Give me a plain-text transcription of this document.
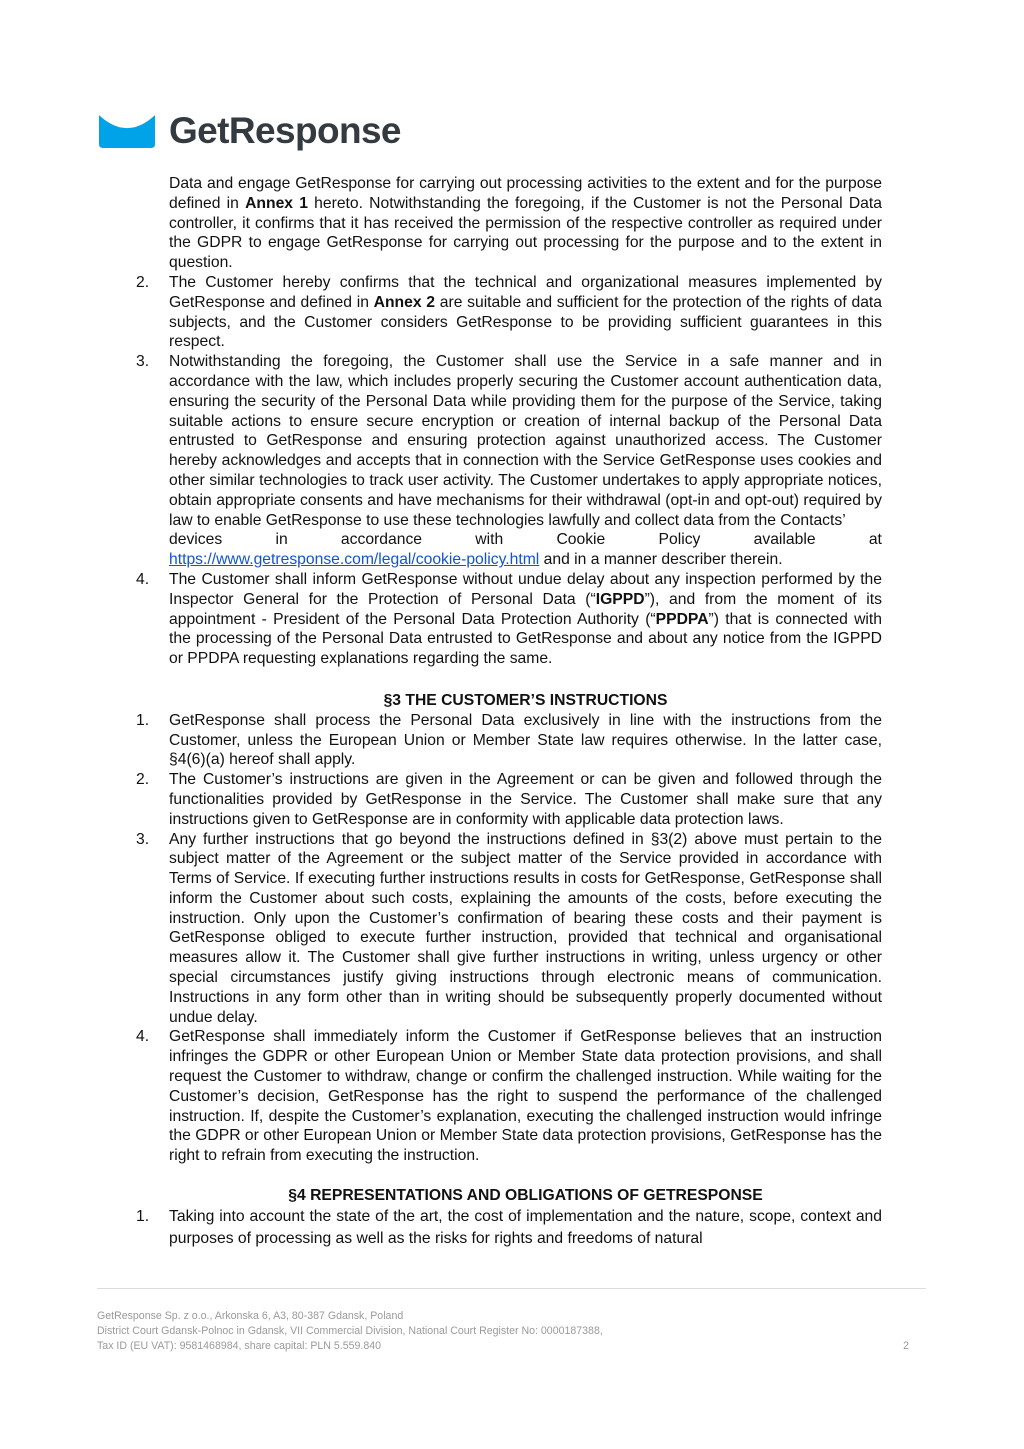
GetResponse

Data and engage GetResponse for carrying out processing activities to the extent and for the purpose defined in Annex 1 hereto. Notwithstanding the foregoing, if the Customer is not the Personal Data controller, it confirms that it has received the permission of the respective controller as required under the GDPR to engage GetResponse for carrying out processing for the purpose and to the extent in question.

2. The Customer hereby confirms that the technical and organizational measures implemented by GetResponse and defined in Annex 2 are suitable and sufficient for the protection of the rights of data subjects, and the Customer considers GetResponse to be providing sufficient guarantees in this respect.
3. Notwithstanding the foregoing, the Customer shall use the Service in a safe manner and in accordance with the law, which includes properly securing the Customer account authentication data, ensuring the security of the Personal Data while providing them for the purpose of the Service, taking suitable actions to ensure secure encryption or creation of internal backup of the Personal Data entrusted to GetResponse and ensuring protection against unauthorized access. The Customer hereby acknowledges and accepts that in connection with the Service GetResponse uses cookies and other similar technologies to track user activity. The Customer undertakes to apply appropriate notices, obtain appropriate consents and have mechanisms for their withdrawal (opt-in and opt-out) required by law to enable GetResponse to use these technologies lawfully and collect data from the Contacts’
devices	in	accordance	with	Cookie	Policy	available	at
https://www.getresponse.com/legal/cookie-policy.html and in a manner describer therein.
4. The Customer shall inform GetResponse without undue delay about any inspection performed by the Inspector General for the Protection of Personal Data (“IGPPD”), and from the moment of its appointment - President of the Personal Data Protection Authority (“PPDPA”) that is connected with the processing of the Personal Data entrusted to GetResponse and about any notice from the IGPPD or PPDPA requesting explanations regarding the same.

§3 THE CUSTOMER’S INSTRUCTIONS

1. GetResponse shall process the Personal Data exclusively in line with the instructions from the Customer, unless the European Union or Member State law requires otherwise. In the latter case, §4(6)(a) hereof shall apply.
2. The Customer’s instructions are given in the Agreement or can be given and followed through the functionalities provided by GetResponse in the Service. The Customer shall make sure that any instructions given to GetResponse are in conformity with applicable data protection laws.
3. Any further instructions that go beyond the instructions defined in §3(2) above must pertain to the subject matter of the Agreement or the subject matter of the Service provided in accordance with Terms of Service. If executing further instructions results in costs for GetResponse, GetResponse shall inform the Customer about such costs, explaining the amounts of the costs, before executing the instruction. Only upon the Customer’s confirmation of bearing these costs and their payment is GetResponse obliged to execute further instruction, provided that technical and organisational measures allow it. The Customer shall give further instructions in writing, unless urgency or other special circumstances justify giving instructions through electronic means of communication. Instructions in any form other than in writing should be subsequently properly documented without undue delay.
4. GetResponse shall immediately inform the Customer if GetResponse believes that an instruction infringes the GDPR or other European Union or Member State data protection provisions, and shall request the Customer to withdraw, change or confirm the challenged instruction. While waiting for the Customer’s decision, GetResponse has the right to suspend the performance of the challenged instruction. If, despite the Customer’s explanation, executing the challenged instruction would infringe the GDPR or other European Union or Member State data protection provisions, GetResponse has the right to refrain from executing the instruction.

§4 REPRESENTATIONS AND OBLIGATIONS OF GETRESPONSE

1. Taking into account the state of the art, the cost of implementation and the nature, scope, context and purposes of processing as well as the risks for rights and freedoms of natural
GetResponse Sp. z o.o., Arkonska 6, A3, 80-387 Gdansk, Poland
District Court Gdansk-Polnoc in Gdansk, VII Commercial Division, National Court Register No: 0000187388,
Tax ID (EU VAT): 9581468984, share capital: PLN 5.559.840	2
